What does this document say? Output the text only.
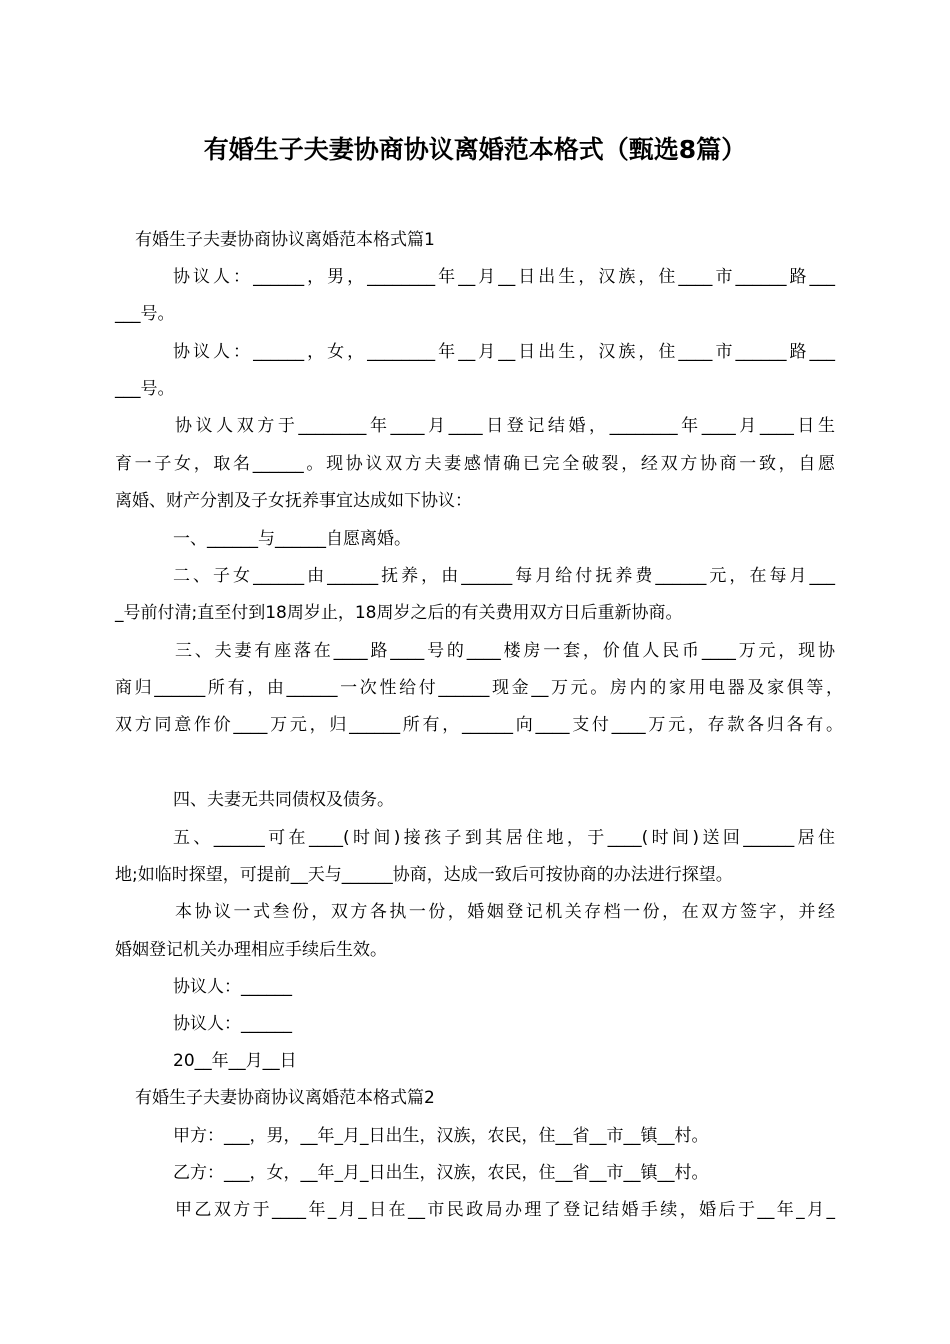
有婚生子夫妻协商协议离婚范本格式（甄选8篇）
有婚生子夫妻协商协议离婚范本格式篇1
协议人：______，男，________年__月__日出生，汉族，住____市______路___
___号。
协议人：______，女，________年__月__日出生，汉族，住____市______路___
___号。
协议人双方于________年____月____日登记结婚，________年____月____日生
育一子女，取名______。现协议双方夫妻感情确已完全破裂，经双方协商一致，自愿
离婚、财产分割及子女抚养事宜达成如下协议：
一、______与______自愿离婚。
二、子女______由______抚养，由______每月给付抚养费______元，在每月___
_号前付清;直至付到18周岁止，18周岁之后的有关费用双方日后重新协商。
三、夫妻有座落在____路____号的____楼房一套，价值人民币____万元，现协
商归______所有，由______一次性给付______现金__万元。房内的家用电器及家俱等，
双方同意作价____万元，归______所有，______向____支付____万元，存款各归各有。
四、夫妻无共同债权及债务。
五、______可在____(时间)接孩子到其居住地，于____(时间)送回______居住
地;如临时探望，可提前__天与______协商，达成一致后可按协商的办法进行探望。
本协议一式叁份，双方各执一份，婚姻登记机关存档一份，在双方签字，并经
婚姻登记机关办理相应手续后生效。
协议人：______
协议人：______
20__年__月__日
有婚生子夫妻协商协议离婚范本格式篇2
甲方：___，男，__年_月_日出生，汉族，农民，住__省__市__镇__村。
乙方：___，女，__年_月_日出生，汉族，农民，住__省__市__镇__村。
甲乙双方于____年_月_日在__市民政局办理了登记结婚手续，婚后于__年_月_
